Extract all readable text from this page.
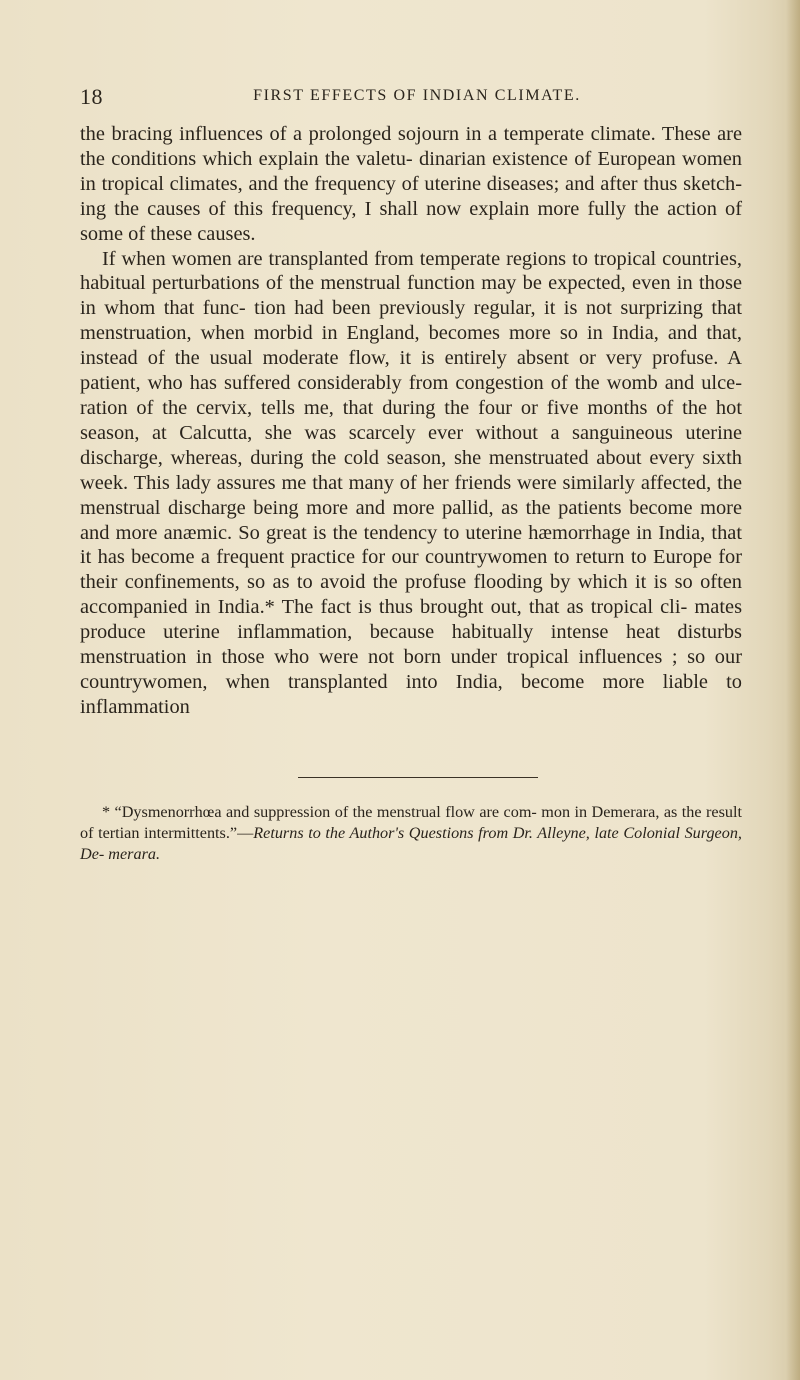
18	FIRST EFFECTS OF INDIAN CLIMATE.

the bracing influences of a prolonged sojourn in a temperate climate. These are the conditions which explain the valetu- dinarian existence of European women in tropical climates, and the frequency of uterine diseases; and after thus sketch- ing the causes of this frequency, I shall now explain more fully the action of some of these causes.

If when women are transplanted from temperate regions to tropical countries, habitual perturbations of the menstrual function may be expected, even in those in whom that func- tion had been previously regular, it is not surprizing that menstruation, when morbid in England, becomes more so in India, and that, instead of the usual moderate flow, it is entirely absent or very profuse. A patient, who has suffered considerably from congestion of the womb and ulce- ration of the cervix, tells me, that during the four or five months of the hot season, at Calcutta, she was scarcely ever without a sanguineous uterine discharge, whereas, during the cold season, she menstruated about every sixth week. This lady assures me that many of her friends were similarly affected, the menstrual discharge being more and more pallid, as the patients become more and more anæmic. So great is the tendency to uterine hæmorrhage in India, that it has become a frequent practice for our countrywomen to return to Europe for their confinements, so as to avoid the profuse flooding by which it is so often accompanied in India.* The fact is thus brought out, that as tropical cli- mates produce uterine inflammation, because habitually intense heat disturbs menstruation in those who were not born under tropical influences ; so our countrywomen, when transplanted into India, become more liable to inflammation

* “Dysmenorrhœa and suppression of the menstrual flow are com- mon in Demerara, as the result of tertian intermittents.”—Returns to the Author's Questions from Dr. Alleyne, late Colonial Surgeon, De- merara.
